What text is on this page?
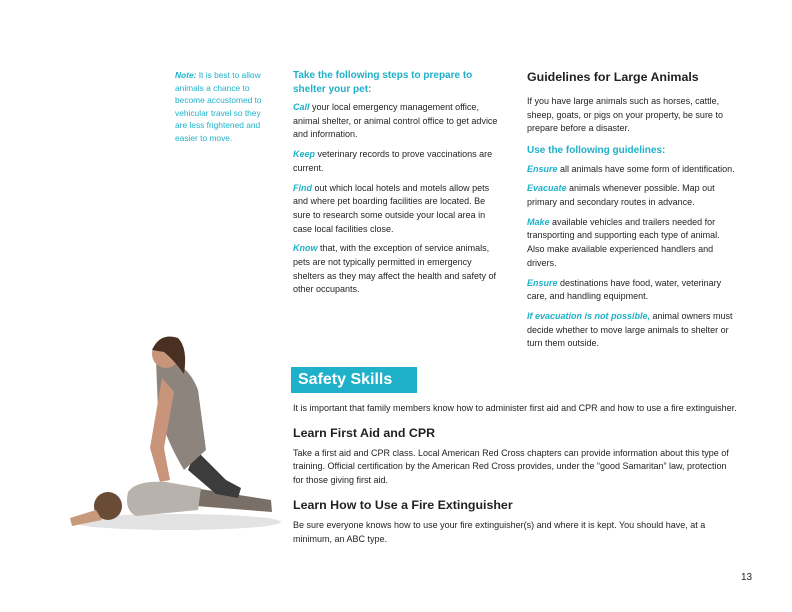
Note: It is best to allow animals a chance to become accustomed to vehicular travel so they are less frightened and easier to move.
Take the following steps to prepare to shelter your pet:

Call your local emergency management office, animal shelter, or animal control office to get advice and information.

Keep veterinary records to prove vaccinations are current.

Find out which local hotels and motels allow pets and where pet boarding facilities are located. Be sure to research some outside your local area in case local facilities close.

Know that, with the exception of service animals, pets are not typically permitted in emergency shelters as they may affect the health and safety of other occupants.

Guidelines for Large Animals

If you have large animals such as horses, cattle, sheep, goats, or pigs on your property, be sure to prepare before a disaster.

Use the following guidelines:

Ensure all animals have some form of identification.

Evacuate animals whenever possible. Map out primary and secondary routes in advance.

Make available vehicles and trailers needed for transporting and supporting each type of animal. Also make available experienced handlers and drivers.

Ensure destinations have food, water, veterinary care, and handling equipment.

If evacuation is not possible, animal owners must decide whether to move large animals to shelter or turn them outside.

Safety Skills

It is important that family members know how to administer first aid and CPR and how to use a fire extinguisher.

Learn First Aid and CPR

Take a first aid and CPR class. Local American Red Cross chapters can provide information about this type of training. Official certification by the American Red Cross provides, under the “good Samaritan” law, protection for those giving first aid.

Learn How to Use a Fire Extinguisher

Be sure everyone knows how to use your fire extinguisher(s) and where it is kept. You should have, at a minimum, an ABC type.

13
